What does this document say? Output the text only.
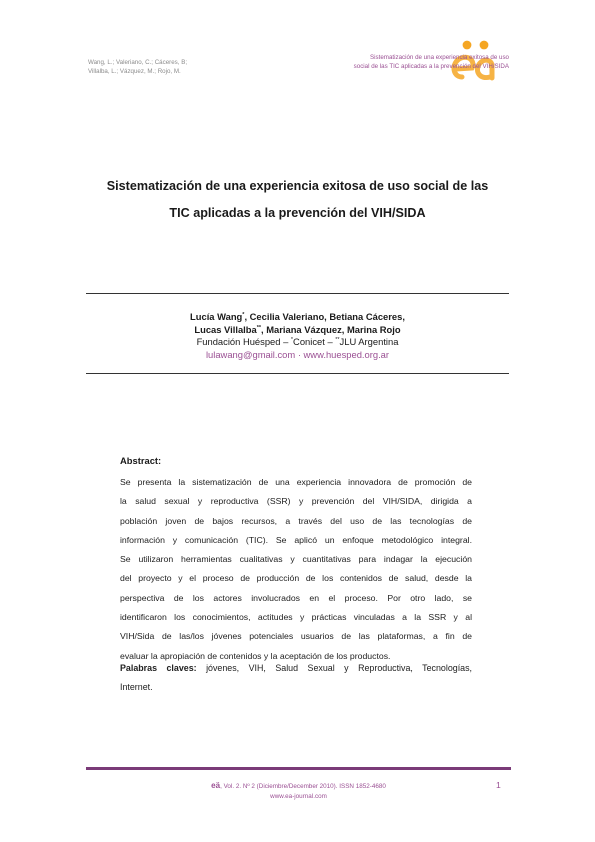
Wang, L.; Valeriano, C.; Cáceres, B;
Villalba, L.; Vázquez, M.; Rojo, M.
Sistematización de una experiencia exitosa de uso
social de las TIC aplicadas a la prevención del VIH/SIDA
Sistematización de una experiencia exitosa de uso social de las
TIC aplicadas a la prevención del VIH/SIDA
Lucía Wang*, Cecilia Valeriano, Betiana Cáceres,
Lucas Villalba**, Mariana Vázquez, Marina Rojo
Fundación Huésped – *Conicet – **JLU Argentina
lulawang@gmail.com · www.huesped.org.ar
Abstract:
Se presenta la sistematización de una experiencia innovadora de promoción de
la salud sexual y reproductiva (SSR) y prevención del VIH/SIDA, dirigida a
población joven de bajos recursos, a través del uso de las tecnologías de
información y comunicación (TIC). Se aplicó un enfoque metodológico integral.
Se utilizaron herramientas cualitativas y cuantitativas para indagar la ejecución
del proyecto y el proceso de producción de los contenidos de salud, desde la
perspectiva de los actores involucrados en el proceso. Por otro lado, se
identificaron los conocimientos, actitudes y prácticas vinculadas a la SSR y al
VIH/Sida de las/los jóvenes potenciales usuarios de las plataformas, a fin de
evaluar la apropiación de contenidos y la aceptación de los productos.
Palabras claves: jóvenes, VIH, Salud Sexual y Reproductiva, Tecnologías,
Internet.
eä, Vol. 2. Nº 2 (Diciembre/December 2010). ISSN 1852-4680
www.ea-journal.com
1
